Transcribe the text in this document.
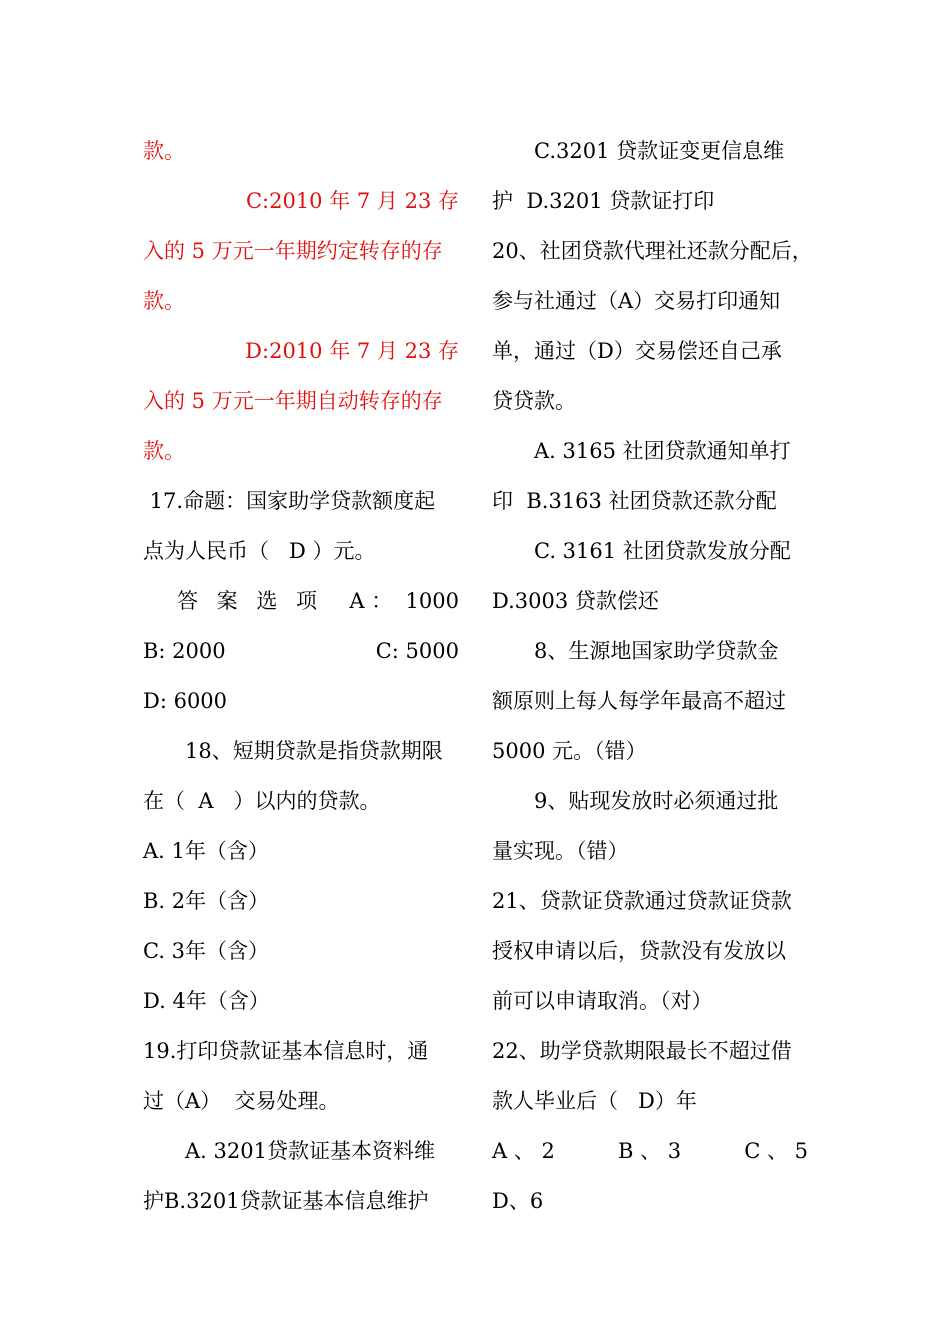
款。
C:2010 年 7 月 23 存
入的 5 万元一年期约定转存的存
款。
D:2010 年 7 月 23 存
入的 5 万元一年期自动转存的存
款。
17.命题：国家助学贷款额度起
点为人民币（   D ）元。
答 案 选 项 A ：  1000
B: 2000	C: 5000
D: 6000
18、短期贷款是指贷款期限
在（  A   ）以内的贷款。
A. 1年（含）
B. 2年（含）
C. 3年（含）
D. 4年（含）
19.打印贷款证基本信息时，通
过（A）  交易处理。
A. 3201贷款证基本资料维
护B.3201贷款证基本信息维护
C.3201 贷款证变更信息维
护  D.3201 贷款证打印
20、社团贷款代理社还款分配后，
参与社通过（A）交易打印通知
单，通过（D）交易偿还自己承
贷贷款。
A. 3165 社团贷款通知单打
印  B.3163 社团贷款还款分配
C. 3161 社团贷款发放分配
D.3003 贷款偿还
8、生源地国家助学贷款金
额原则上每人每学年最高不超过
5000 元。（错）
9、贴现发放时必须通过批
量实现。（错）
21、贷款证贷款通过贷款证贷款
授权申请以后，贷款没有发放以
前可以申请取消。（对）
22、助学贷款期限最长不超过借
款人毕业后（   D）年
A 、 2	B 、 3	C 、 5
D、6
